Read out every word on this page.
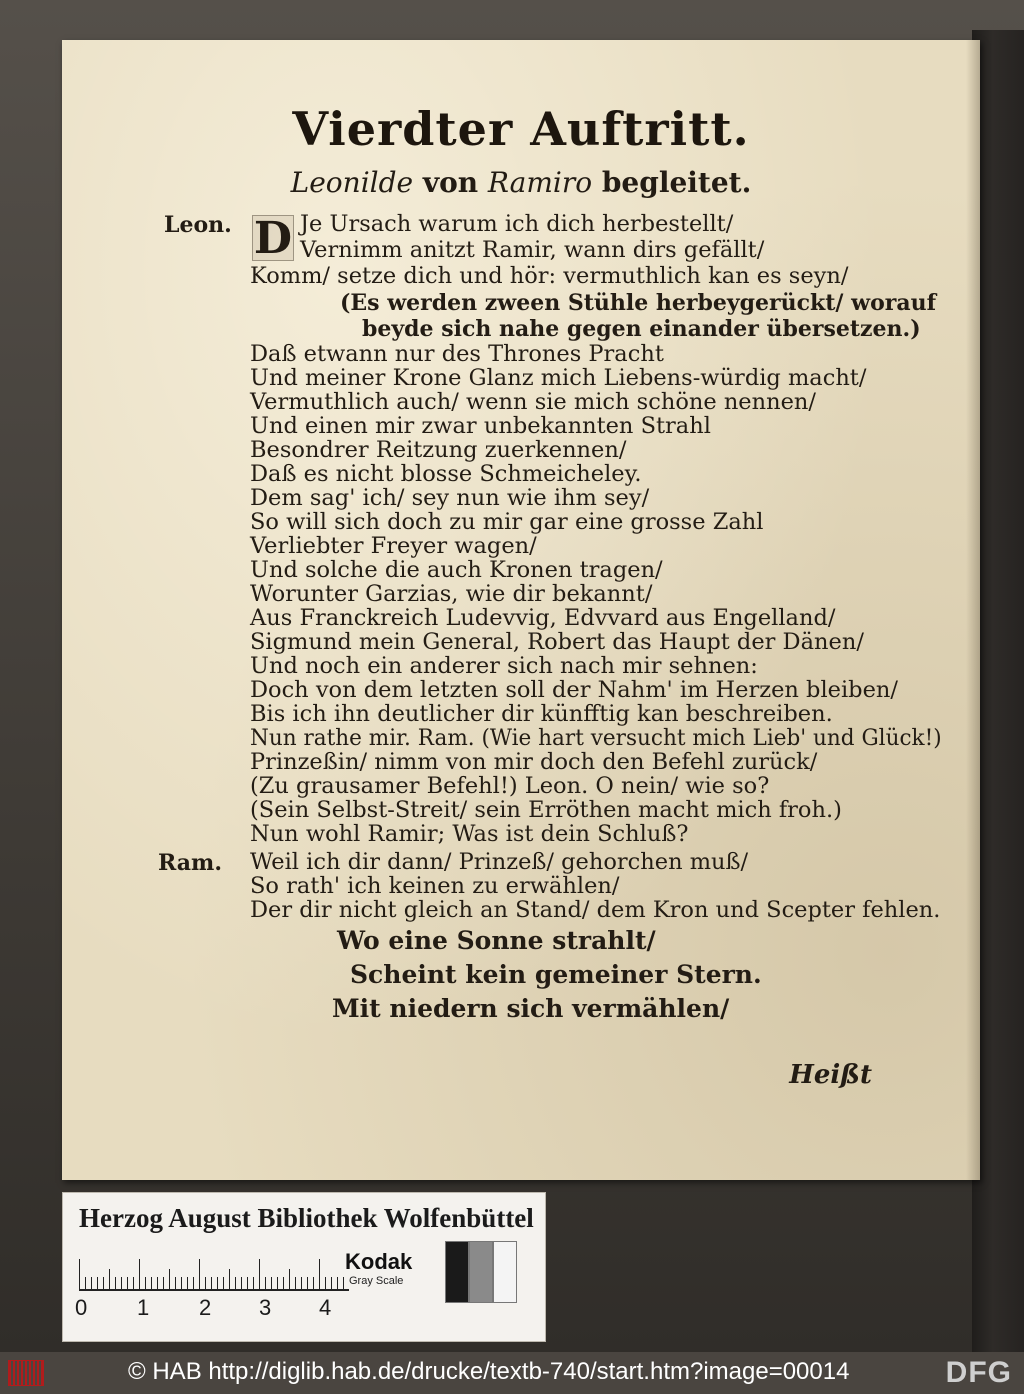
Vierdter Auftritt.
Leonilde von Ramiro begleitet.
Leon. D Je Ursach warum ich dich herbestellt/
Vernimm anitzt Ramir, wann dirs gefällt/
Komm/ setze dich und hör: vermuthlich kan es seyn/
(Es werden zween Stühle herbeygerückt/ worauf
beyde sich nahe gegen einander übersetzen.)
Daß etwann nur des Thrones Pracht
Und meiner Krone Glanz mich Liebens-würdig macht/
Vermuthlich auch/ wenn sie mich schöne nennen/
Und einen mir zwar unbekannten Strahl
Besondrer Reitzung zuerkennen/
Daß es nicht blosse Schmeicheley.
Dem sag' ich/ sey nun wie ihm sey/
So will sich doch zu mir gar eine grosse Zahl
Verliebter Freyer wagen/
Und solche die auch Kronen tragen/
Worunter Garzias, wie dir bekannt/
Aus Franckreich Ludevvig, Edvvard aus Engelland/
Sigmund mein General, Robert das Haupt der Dänen/
Und noch ein anderer sich nach mir sehnen:
Doch von dem letzten soll der Nahm' im Herzen bleiben/
Bis ich ihn deutlicher dir künfftig kan beschreiben.
Nun rathe mir. Ram. (Wie hart versucht mich Lieb' und Glück!)
Prinzeßin/ nimm von mir doch den Befehl zurück/
(Zu grausamer Befehl!) Leon. O nein/ wie so?
(Sein Selbst-Streit/ sein Erröthen macht mich froh.)
Nun wohl Ramir; Was ist dein Schluß?
Ram. Weil ich dir dann/ Prinzeß/ gehorchen muß/
So rath' ich keinen zu erwählen/
Der dir nicht gleich an Stand/ dem Kron und Scepter fehlen.
Wo eine Sonne strahlt/
Scheint kein gemeiner Stern.
Mit niedern sich vermählen/
Heißt
Herzog August Bibliothek Wolfenbüttel
0 1 2 3 4
Kodak
Gray Scale
© HAB http://diglib.hab.de/drucke/textb-740/start.htm?image=00014	DFG
